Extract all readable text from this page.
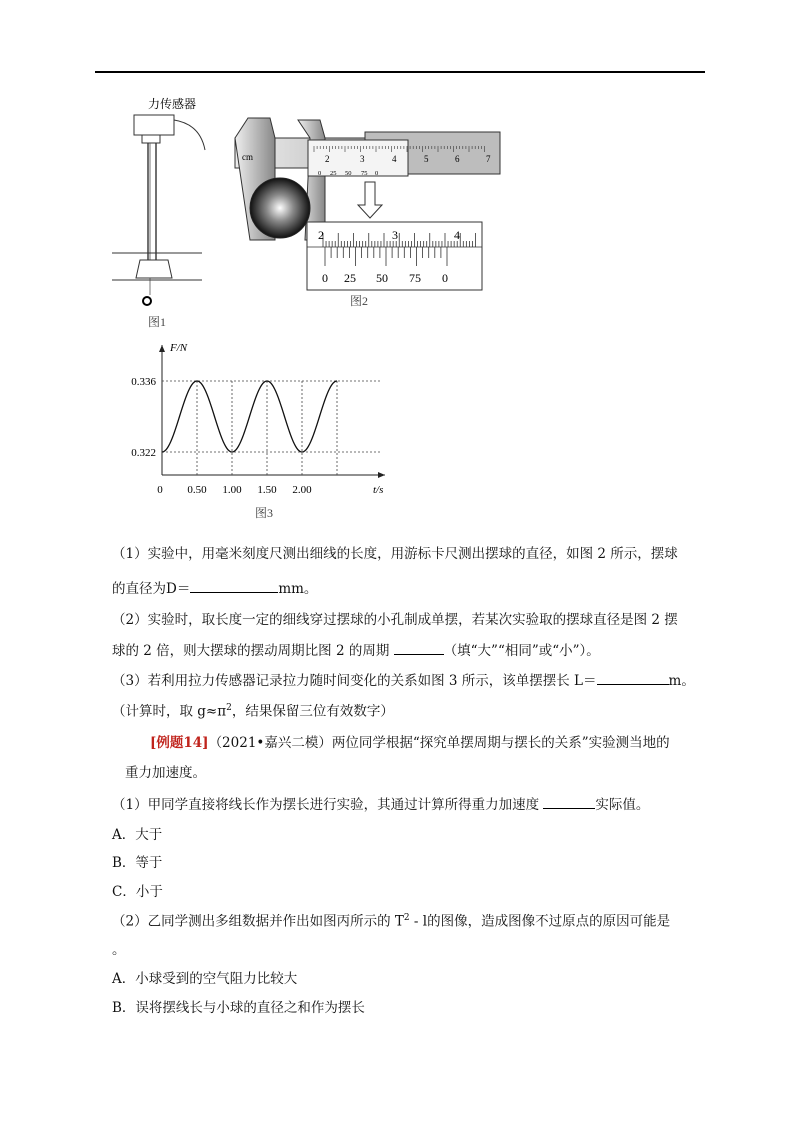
力传感器
图1
cm	2	3	4	5	6	7
0 25 50 75 0
2	3	4
0 25 50 75 0
图2
0.322
0.336
0 0.50 1.00 1.50 2.00
F/N
t/s
图3
（1）实验中，用毫米刻度尺测出细线的长度，用游标卡尺测出摆球的直径，如图 2 所示，摆球
的直径为D＝	mm。
（2）实验时，取长度一定的细线穿过摆球的小孔制成单摆，若某次实验取的摆球直径是图 2 摆
球的 2 倍，则大摆球的摆动周期比图 2 的周期	（填“大”“相同”或“小”）。
（3）若利用拉力传感器记录拉力随时间变化的关系如图 3 所示，该单摆摆长 L＝	m。
（计算时，取 $g\approx\pi^2$，结果保留三位有效数字）
[例题14]（2021•嘉兴二模）两位同学根据“探究单摆周期与摆长的关系”实验测当地的
重力加速度。
（1）甲同学直接将线长作为摆长进行实验，其通过计算所得重力加速度	实际值。
A．大于
B．等于
C．小于
（2）乙同学测出多组数据并作出如图丙所示的 $T^2$ - l的图像，造成图像不过原点的原因可能是
。
A．小球受到的空气阻力比较大
B．误将摆线长与小球的直径之和作为摆长
